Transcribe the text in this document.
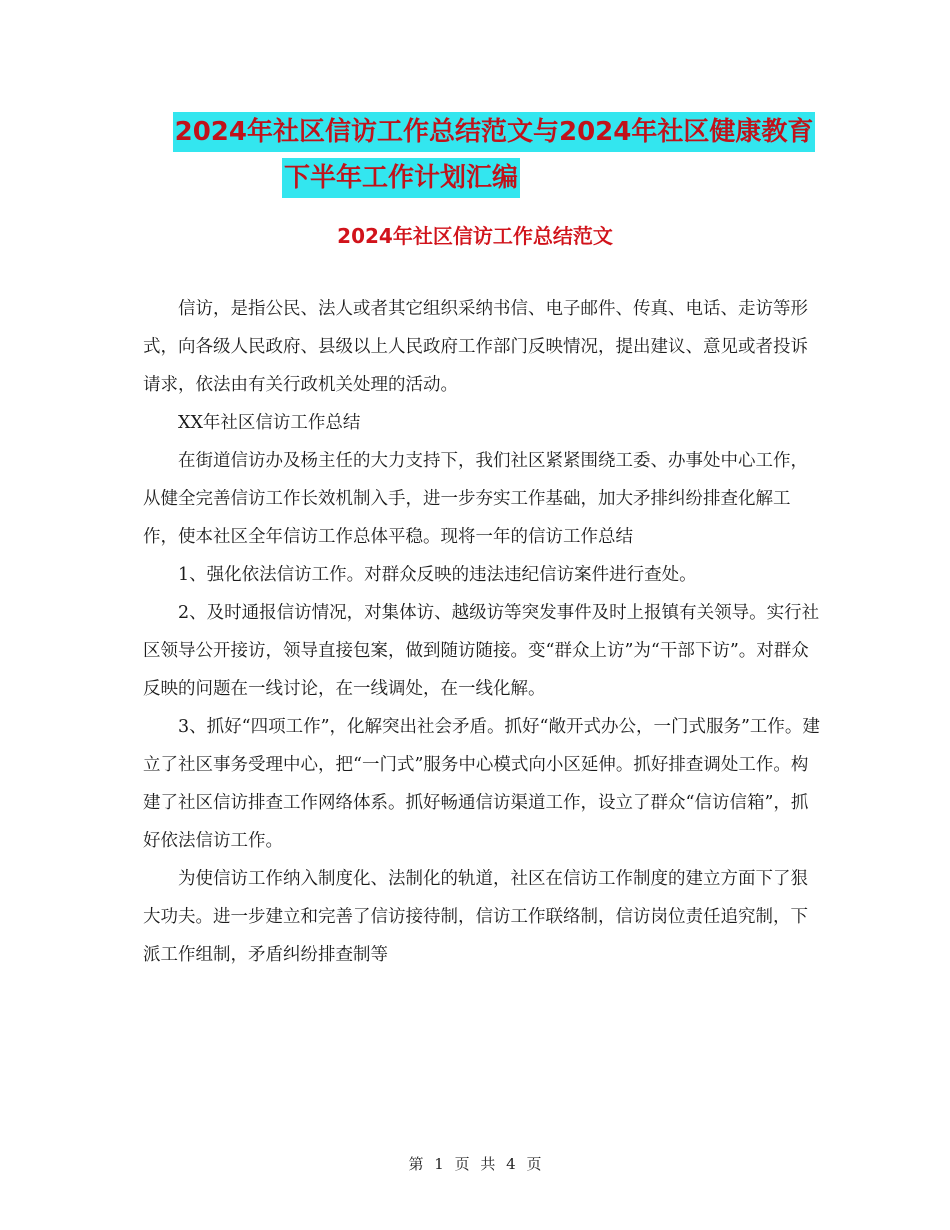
2024年社区信访工作总结范文与2024年社区健康教育
下半年工作计划汇编
2024年社区信访工作总结范文

信访，是指公民、法人或者其它组织采纳书信、电子邮件、传真、电话、走访等形式，向各级人民政府、县级以上人民政府工作部门反映情况，提出建议、意见或者投诉请求，依法由有关行政机关处理的活动。

XX年社区信访工作总结

在街道信访办及杨主任的大力支持下，我们社区紧紧围绕工委、办事处中心工作，从健全完善信访工作长效机制入手，进一步夯实工作基础，加大矛排纠纷排查化解工作，使本社区全年信访工作总体平稳。现将一年的信访工作总结

1、强化依法信访工作。对群众反映的违法违纪信访案件进行查处。

2、及时通报信访情况，对集体访、越级访等突发事件及时上报镇有关领导。实行社区领导公开接访，领导直接包案，做到随访随接。变“群众上访”为“干部下访”。对群众反映的问题在一线讨论，在一线调处，在一线化解。

3、抓好“四项工作”，化解突出社会矛盾。抓好“敞开式办公，一门式服务”工作。建立了社区事务受理中心，把“一门式”服务中心模式向小区延伸。抓好排查调处工作。构建了社区信访排查工作网络体系。抓好畅通信访渠道工作，设立了群众“信访信箱”，抓好依法信访工作。

为使信访工作纳入制度化、法制化的轨道，社区在信访工作制度的建立方面下了狠大功夫。进一步建立和完善了信访接待制，信访工作联络制，信访岗位责任追究制，下派工作组制，矛盾纠纷排查制等

第 1 页 共 4 页
